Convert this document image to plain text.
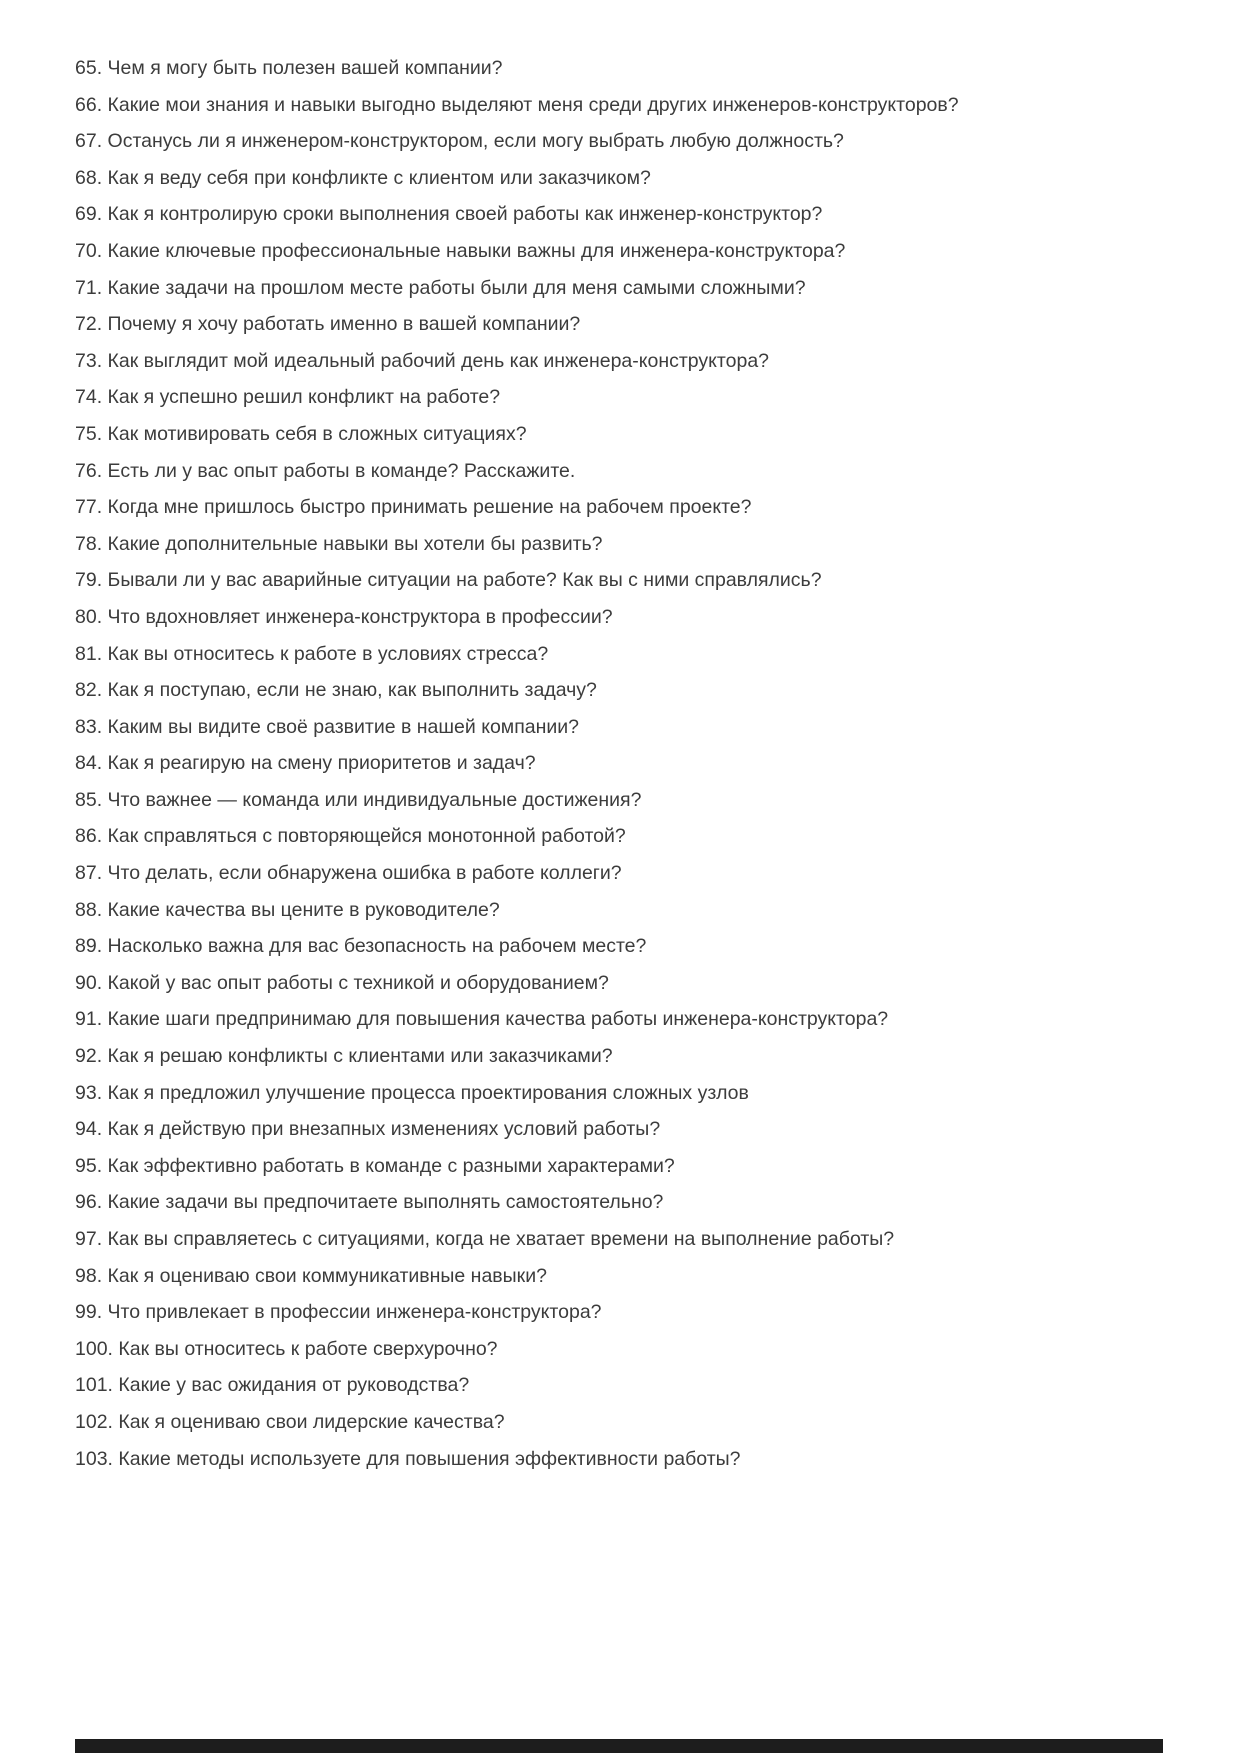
65. Чем я могу быть полезен вашей компании?

66. Какие мои знания и навыки выгодно выделяют меня среди других инженеров-конструкторов?

67. Останусь ли я инженером-конструктором, если могу выбрать любую должность?

68. Как я веду себя при конфликте с клиентом или заказчиком?

69. Как я контролирую сроки выполнения своей работы как инженер-конструктор?

70. Какие ключевые профессиональные навыки важны для инженера-конструктора?

71. Какие задачи на прошлом месте работы были для меня самыми сложными?

72. Почему я хочу работать именно в вашей компании?

73. Как выглядит мой идеальный рабочий день как инженера-конструктора?

74. Как я успешно решил конфликт на работе?

75. Как мотивировать себя в сложных ситуациях?

76. Есть ли у вас опыт работы в команде? Расскажите.

77. Когда мне пришлось быстро принимать решение на рабочем проекте?

78. Какие дополнительные навыки вы хотели бы развить?

79. Бывали ли у вас аварийные ситуации на работе? Как вы с ними справлялись?

80. Что вдохновляет инженера-конструктора в профессии?

81. Как вы относитесь к работе в условиях стресса?

82. Как я поступаю, если не знаю, как выполнить задачу?

83. Каким вы видите своё развитие в нашей компании?

84. Как я реагирую на смену приоритетов и задач?

85. Что важнее — команда или индивидуальные достижения?

86. Как справляться с повторяющейся монотонной работой?

87. Что делать, если обнаружена ошибка в работе коллеги?

88. Какие качества вы цените в руководителе?

89. Насколько важна для вас безопасность на рабочем месте?

90. Какой у вас опыт работы с техникой и оборудованием?

91. Какие шаги предпринимаю для повышения качества работы инженера-конструктора?

92. Как я решаю конфликты с клиентами или заказчиками?

93. Как я предложил улучшение процесса проектирования сложных узлов

94. Как я действую при внезапных изменениях условий работы?

95. Как эффективно работать в команде с разными характерами?

96. Какие задачи вы предпочитаете выполнять самостоятельно?

97. Как вы справляетесь с ситуациями, когда не хватает времени на выполнение работы?

98. Как я оцениваю свои коммуникативные навыки?

99. Что привлекает в профессии инженера-конструктора?

100. Как вы относитесь к работе сверхурочно?

101. Какие у вас ожидания от руководства?

102. Как я оцениваю свои лидерские качества?

103. Какие методы используете для повышения эффективности работы?
